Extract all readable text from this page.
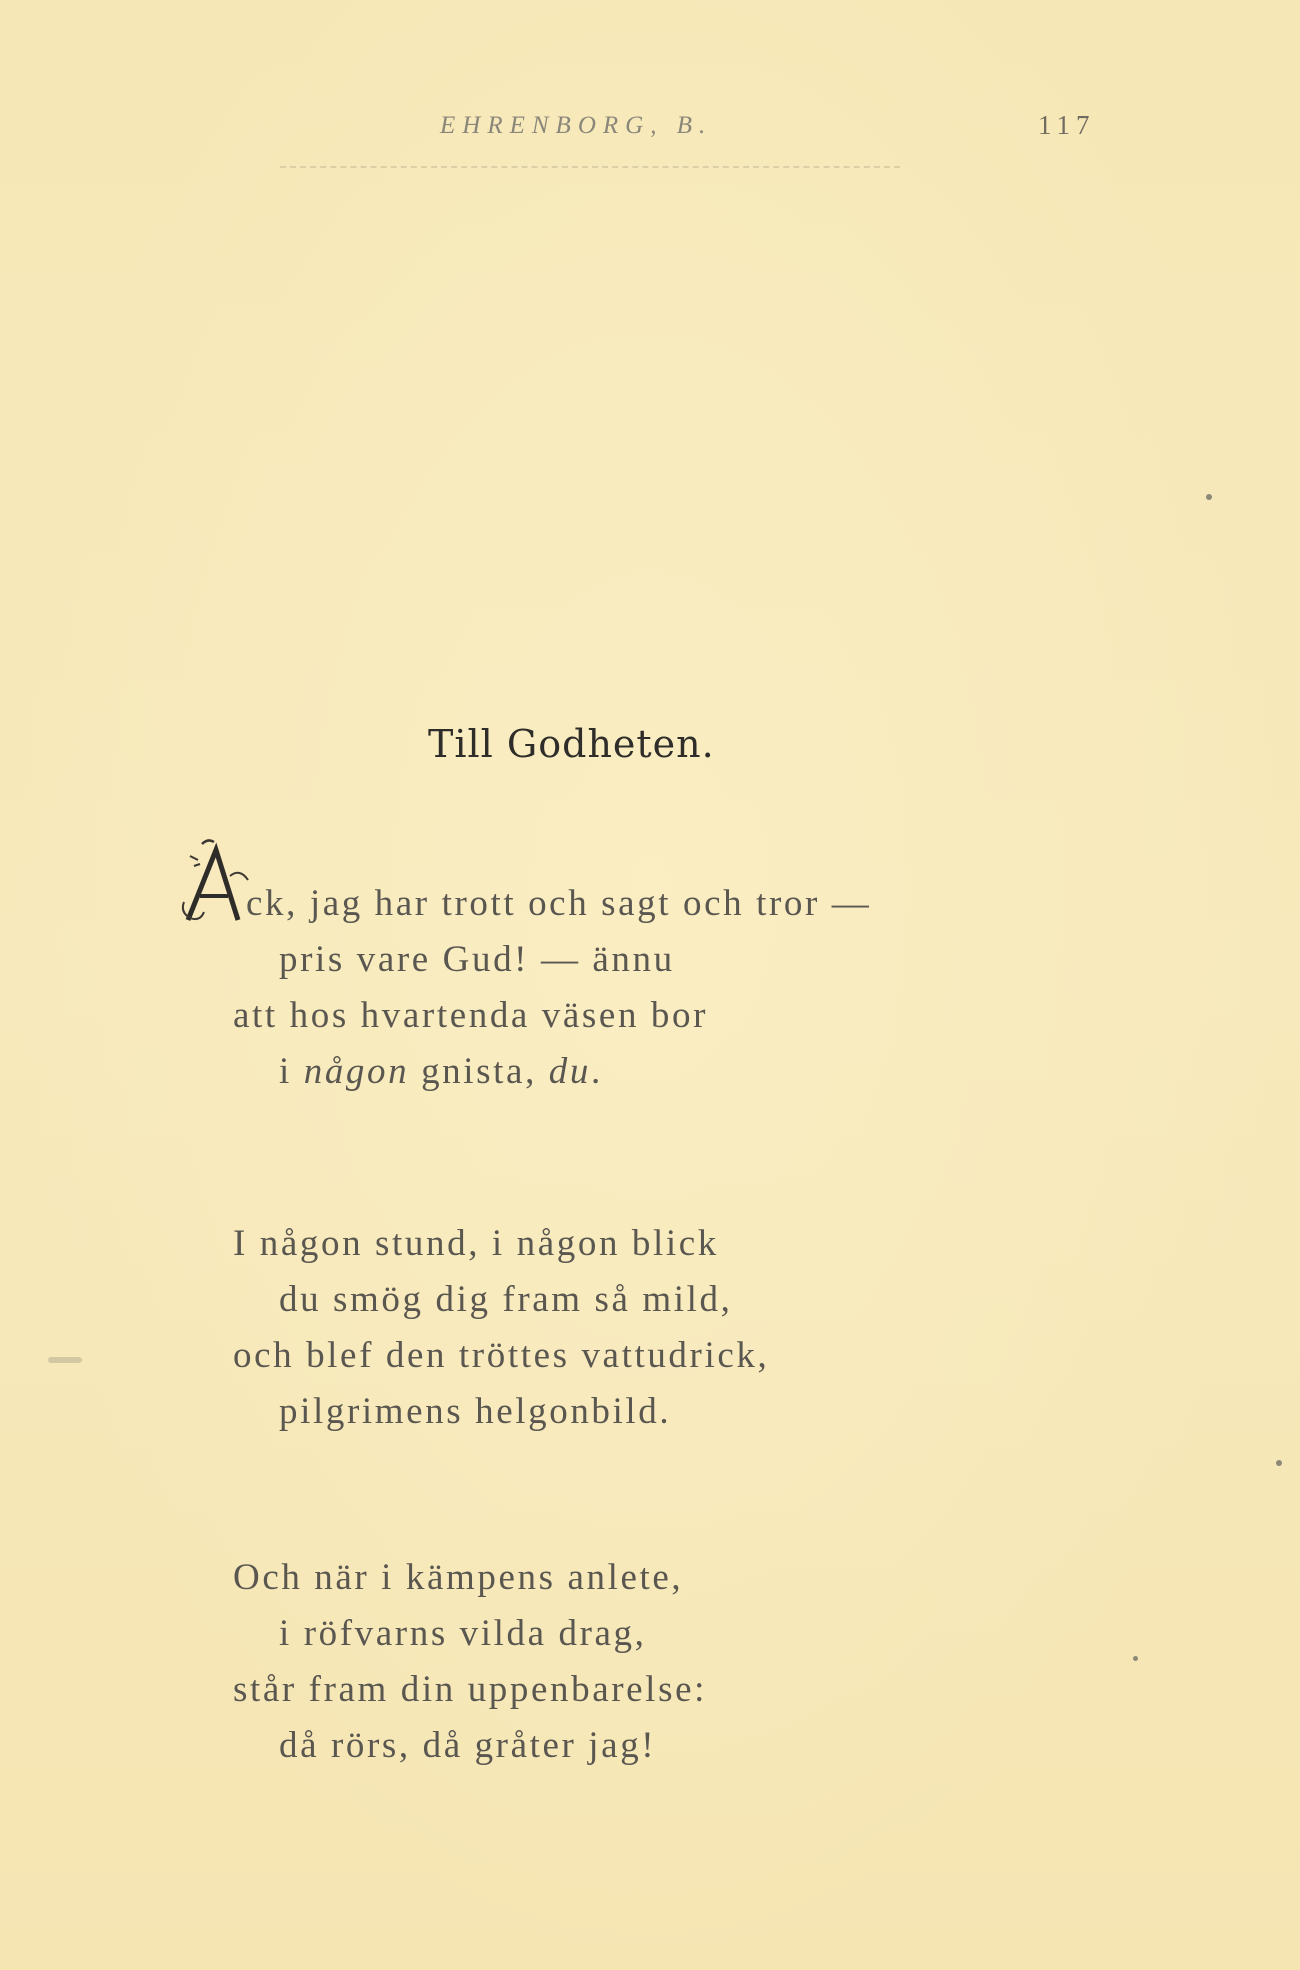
EHRENBORG, B.	117
Till Godheten.
ck, jag har trott och sagt och tror —
pris vare Gud! — ännu
att hos hvartenda väsen bor
i någon gnista, du.
I någon stund, i någon blick
du smög dig fram så mild,
och blef den tröttes vattudrick,
pilgrimens helgonbild.
Och när i kämpens anlete,
i röfvarns vilda drag,
står fram din uppenbarelse:
då rörs, då gråter jag!
